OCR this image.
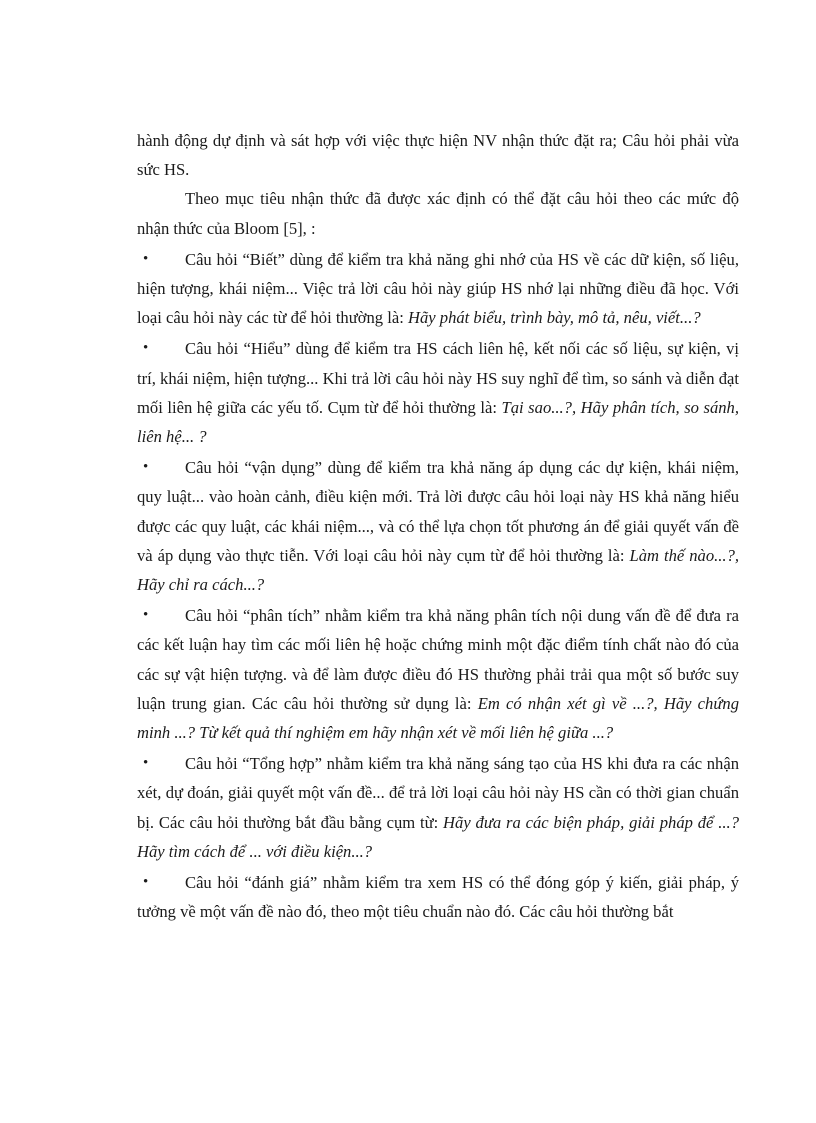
hành động dự định và sát hợp với việc thực hiện NV nhận thức đặt ra; Câu hỏi phải vừa sức HS.

Theo mục tiêu nhận thức đã được xác định có thể đặt câu hỏi theo các mức độ nhận thức của Bloom [5], :

• Câu hỏi “Biết” dùng để kiểm tra khả năng ghi nhớ của HS về các dữ kiện, số liệu, hiện tượng, khái niệm... Việc trả lời câu hỏi này giúp HS nhớ lại những điều đã học. Với loại câu hỏi này các từ để hỏi thường là: Hãy phát biểu, trình bày, mô tả, nêu, viết...?

• Câu hỏi “Hiểu” dùng để kiểm tra HS cách liên hệ, kết nối các số liệu, sự kiện, vị trí, khái niệm, hiện tượng... Khi trả lời câu hỏi này HS suy nghĩ để tìm, so sánh và diễn đạt mối liên hệ giữa các yếu tố. Cụm từ để hỏi thường là: Tại sao...?, Hãy phân tích, so sánh, liên hệ... ?

• Câu hỏi “vận dụng” dùng để kiểm tra khả năng áp dụng các dự kiện, khái niệm, quy luật... vào hoàn cảnh, điều kiện mới. Trả lời được câu hỏi loại này HS khả năng hiểu được các quy luật, các khái niệm..., và có thể lựa chọn tốt phương án để giải quyết vấn đề và áp dụng vào thực tiễn. Với loại câu hỏi này cụm từ để hỏi thường là: Làm thế nào...?, Hãy chỉ ra cách...?

• Câu hỏi “phân tích” nhằm kiểm tra khả năng phân tích nội dung vấn đề để đưa ra các kết luận hay tìm các mối liên hệ hoặc chứng minh một đặc điểm tính chất nào đó của các sự vật hiện tượng. và để làm được điều đó HS thường phải trải qua một số bước suy luận trung gian. Các câu hỏi thường sử dụng là: Em có nhận xét gì về ...?, Hãy chứng minh ...? Từ kết quả thí nghiệm em hãy nhận xét về mối liên hệ giữa ...?

• Câu hỏi “Tổng hợp” nhằm kiểm tra khả năng sáng tạo của HS khi đưa ra các nhận xét, dự đoán, giải quyết một vấn đề... để trả lời loại câu hỏi này HS cần có thời gian chuẩn bị. Các câu hỏi thường bắt đầu bằng cụm từ: Hãy đưa ra các biện pháp, giải pháp để ...? Hãy tìm cách để ... với điều kiện...?

• Câu hỏi “đánh giá” nhằm kiểm tra xem HS có thể đóng góp ý kiến, giải pháp, ý tưởng về một vấn đề nào đó, theo một tiêu chuẩn nào đó. Các câu hỏi thường bắt
